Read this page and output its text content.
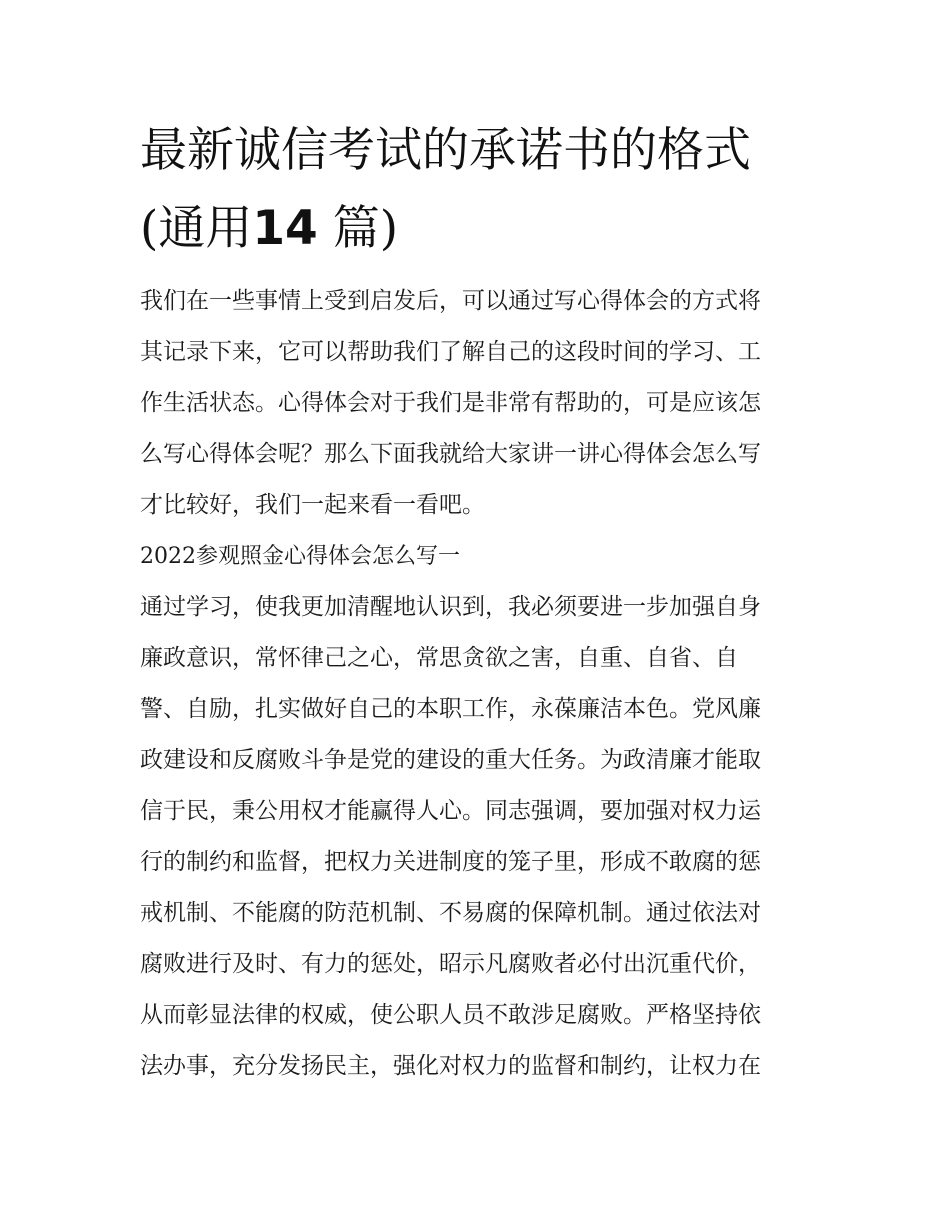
最新诚信考试的承诺书的格式
(通用14 篇)
我们在一些事情上受到启发后，可以通过写心得体会的方式将
其记录下来，它可以帮助我们了解自己的这段时间的学习、工
作生活状态。心得体会对于我们是非常有帮助的，可是应该怎
么写心得体会呢？那么下面我就给大家讲一讲心得体会怎么写
才比较好，我们一起来看一看吧。
2022参观照金心得体会怎么写一
通过学习，使我更加清醒地认识到，我必须要进一步加强自身
廉政意识，常怀律己之心，常思贪欲之害，自重、自省、自
警、自励，扎实做好自己的本职工作，永葆廉洁本色。党风廉
政建设和反腐败斗争是党的建设的重大任务。为政清廉才能取
信于民，秉公用权才能赢得人心。同志强调，要加强对权力运
行的制约和监督，把权力关进制度的笼子里，形成不敢腐的惩
戒机制、不能腐的防范机制、不易腐的保障机制。通过依法对
腐败进行及时、有力的惩处，昭示凡腐败者必付出沉重代价，
从而彰显法律的权威，使公职人员不敢涉足腐败。严格坚持依
法办事，充分发扬民主，强化对权力的监督和制约，让权力在
